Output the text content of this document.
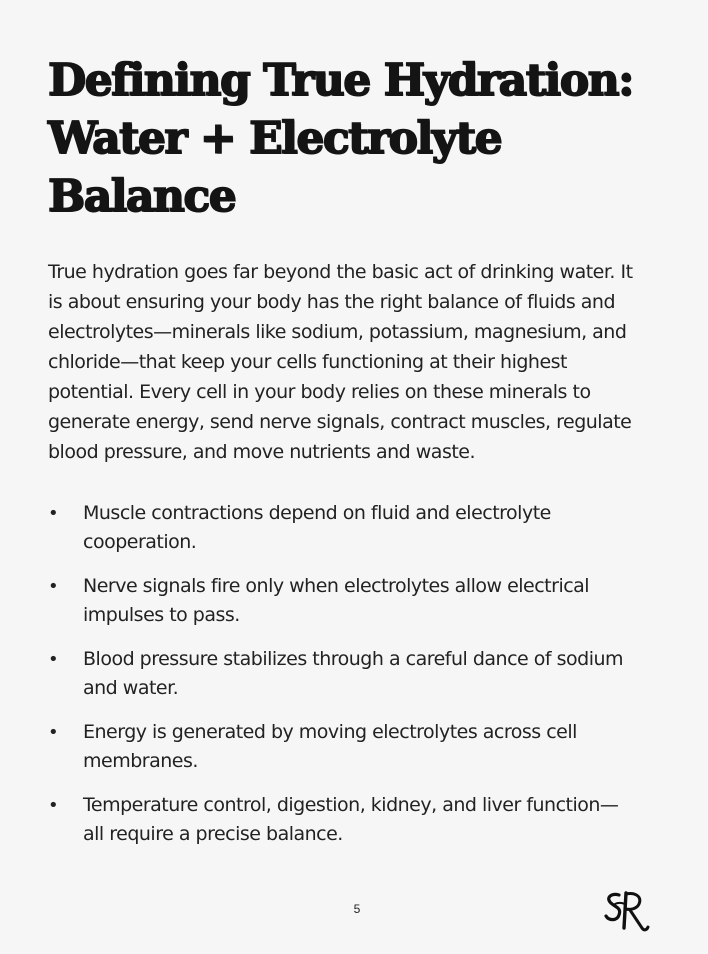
Defining True Hydration:
Water + Electrolyte
Balance

True hydration goes far beyond the basic act of drinking water. It
is about ensuring your body has the right balance of fluids and
electrolytes—minerals like sodium, potassium, magnesium, and
chloride—that keep your cells functioning at their highest
potential. Every cell in your body relies on these minerals to
generate energy, send nerve signals, contract muscles, regulate
blood pressure, and move nutrients and waste.

•	Muscle contractions depend on fluid and electrolyte
cooperation.
•	Nerve signals fire only when electrolytes allow electrical
impulses to pass.
•	Blood pressure stabilizes through a careful dance of sodium
and water.
•	Energy is generated by moving electrolytes across cell
membranes.
•	Temperature control, digestion, kidney, and liver function—
all require a precise balance.
5
